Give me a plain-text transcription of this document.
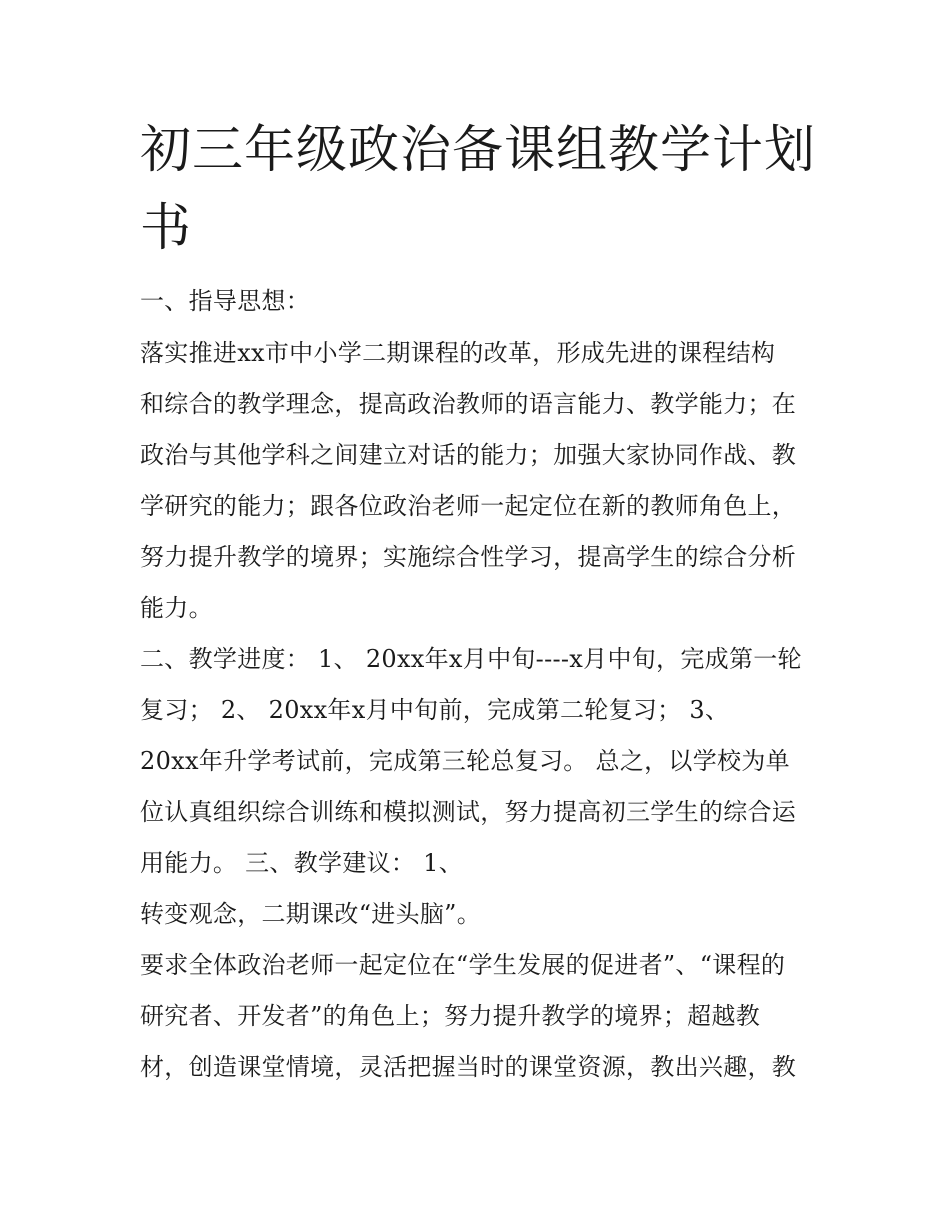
初三年级政治备课组教学计划书

一、指导思想：

落实推进xx市中小学二期课程的改革，形成先进的课程结构

和综合的教学理念，提高政治教师的语言能力、教学能力；在

政治与其他学科之间建立对话的能力；加强大家协同作战、教

学研究的能力；跟各位政治老师一起定位在新的教师角色上，

努力提升教学的境界；实施综合性学习，提高学生的综合分析

能力。

二、教学进度： 1、 20xx年x月中旬----x月中旬，完成第一轮

复习； 2、 20xx年x月中旬前，完成第二轮复习； 3、

20xx年升学考试前，完成第三轮总复习。 总之，以学校为单

位认真组织综合训练和模拟测试，努力提高初三学生的综合运

用能力。 三、教学建议： 1、

转变观念，二期课改“进头脑”。

要求全体政治老师一起定位在“学生发展的促进者”、“课程的

研究者、开发者”的角色上；努力提升教学的境界；超越教

材，创造课堂情境，灵活把握当时的课堂资源，教出兴趣，教
